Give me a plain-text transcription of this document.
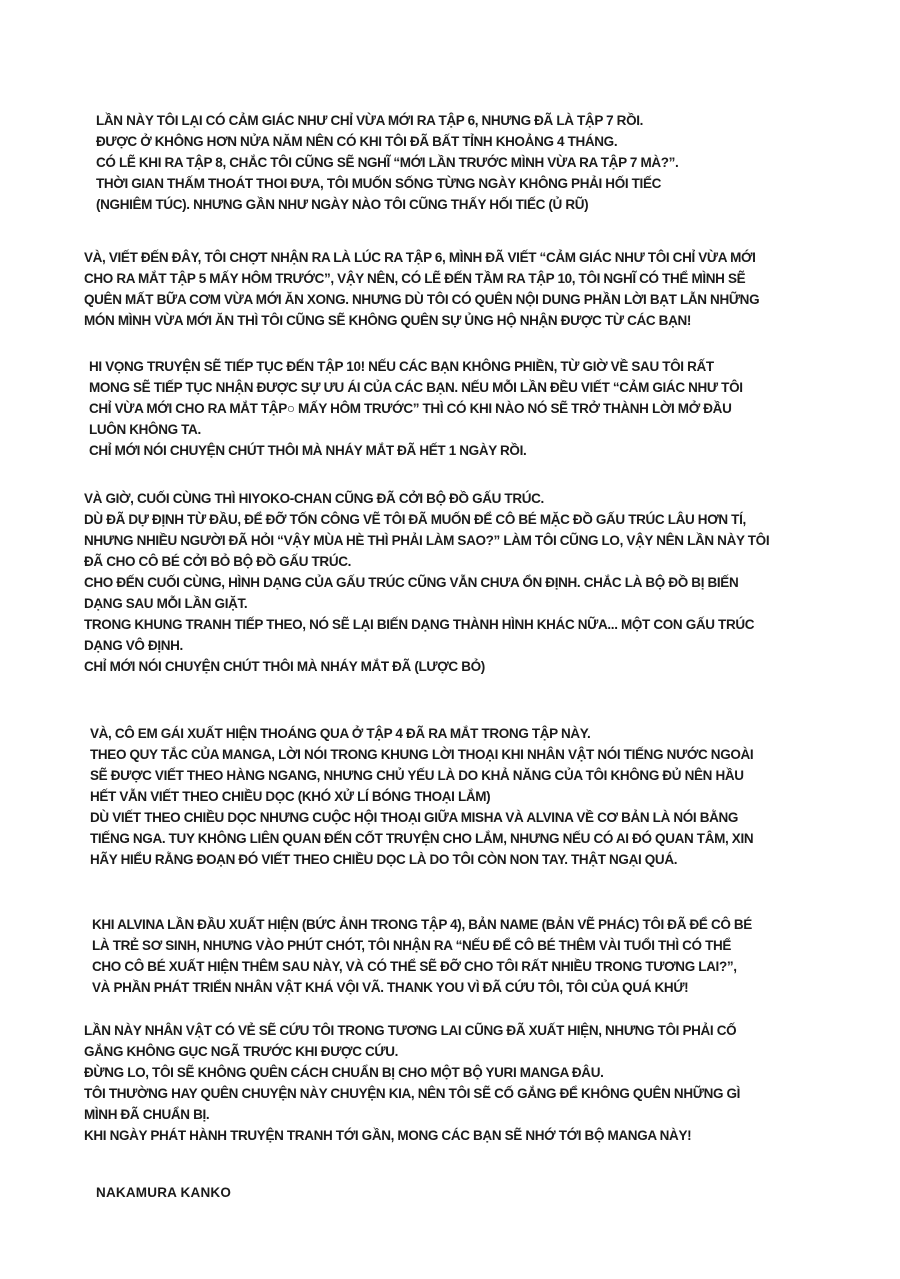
LẦN NÀY TÔI LẠI CÓ CẢM GIÁC NHƯ CHỈ VỪA MỚI RA TẬP 6, NHƯNG ĐÃ LÀ TẬP 7 RỒI.
ĐƯỢC Ở KHÔNG HƠN NỬA NĂM NÊN CÓ KHI TÔI ĐÃ BẤT TỈNH KHOẢNG 4 THÁNG.
CÓ LẼ KHI RA TẬP 8, CHẮC TÔI CŨNG SẼ NGHĨ “MỚI LẦN TRƯỚC MÌNH VỪA RA TẬP 7 MÀ?”.
THỜI GIAN THẤM THOÁT THOI ĐƯA, TÔI MUỐN SỐNG TỪNG NGÀY KHÔNG PHẢI HỐI TIẾC
(NGHIÊM TÚC). NHƯNG GẦN NHƯ NGÀY NÀO TÔI CŨNG THẤY HỐI TIẾC (Ủ RŨ)
VÀ, VIẾT ĐẾN ĐÂY, TÔI CHỢT NHẬN RA LÀ LÚC RA TẬP 6, MÌNH ĐÃ VIẾT “CẢM GIÁC NHƯ TÔI CHỈ VỪA MỚI
CHO RA MẮT TẬP 5 MẤY HÔM TRƯỚC”, VẬY NÊN, CÓ LẼ ĐẾN TẦM RA TẬP 10, TÔI NGHĨ CÓ THỂ MÌNH SẼ
QUÊN MẤT BỮA CƠM VỪA MỚI ĂN XONG. NHƯNG DÙ TÔI CÓ QUÊN NỘI DUNG PHẦN LỜI BẠT LẪN NHỮNG
MÓN MÌNH VỪA MỚI ĂN THÌ TÔI CŨNG SẼ KHÔNG QUÊN SỰ ỦNG HỘ NHẬN ĐƯỢC TỪ CÁC BẠN!
HI VỌNG TRUYỆN SẼ TIẾP TỤC ĐẾN TẬP 10! NẾU CÁC BẠN KHÔNG PHIỀN, TỪ GIỜ VỀ SAU TÔI RẤT
MONG SẼ TIẾP TỤC NHẬN ĐƯỢC SỰ ƯU ÁI CỦA CÁC BẠN. NẾU MỖI LẦN ĐỀU VIẾT “CẢM GIÁC NHƯ TÔI
CHỈ VỪA MỚI CHO RA MẮT TẬP○ MẤY HÔM TRƯỚC” THÌ CÓ KHI NÀO NÓ SẼ TRỞ THÀNH LỜI MỞ ĐẦU
LUÔN KHÔNG TA.
CHỈ MỚI NÓI CHUYỆN CHÚT THÔI MÀ NHÁY MẮT ĐÃ HẾT 1 NGÀY RỒI.
VÀ GIỜ, CUỐI CÙNG THÌ HIYOKO-CHAN CŨNG ĐÃ CỞI BỘ ĐỒ GẤU TRÚC.
DÙ ĐÃ DỰ ĐỊNH TỪ ĐẦU, ĐỂ ĐỠ TỐN CÔNG VẼ TÔI ĐÃ MUỐN ĐỂ CÔ BÉ MẶC ĐỒ GẤU TRÚC LÂU HƠN TÍ,
NHƯNG NHIỀU NGƯỜI ĐÃ HỎI “VẬY MÙA HÈ THÌ PHẢI LÀM SAO?” LÀM TÔI CŨNG LO, VẬY NÊN LẦN NÀY TÔI
ĐÃ CHO CÔ BÉ CỞI BỎ BỘ ĐỒ GẤU TRÚC.
CHO ĐẾN CUỐI CÙNG, HÌNH DẠNG CỦA GẤU TRÚC CŨNG VẪN CHƯA ỔN ĐỊNH. CHẮC LÀ BỘ ĐỒ BỊ BIẾN
DẠNG SAU MỖI LẦN GIẶT.
TRONG KHUNG TRANH TIẾP THEO, NÓ SẼ LẠI BIẾN DẠNG THÀNH HÌNH KHÁC NỮA... MỘT CON GẤU TRÚC
DẠNG VÔ ĐỊNH.
CHỈ MỚI NÓI CHUYỆN CHÚT THÔI MÀ NHÁY MẮT ĐÃ (LƯỢC BỎ)
VÀ, CÔ EM GÁI XUẤT HIỆN THOÁNG QUA Ở TẬP 4 ĐÃ RA MẮT TRONG TẬP NÀY.
THEO QUY TẮC CỦA MANGA, LỜI NÓI TRONG KHUNG LỜI THOẠI KHI NHÂN VẬT NÓI TIẾNG NƯỚC NGOÀI
SẼ ĐƯỢC VIẾT THEO HÀNG NGANG, NHƯNG CHỦ YẾU LÀ DO KHẢ NĂNG CỦA TÔI KHÔNG ĐỦ NÊN HẦU
HẾT VẪN VIẾT THEO CHIỀU DỌC (KHÓ XỬ LÍ BÓNG THOẠI LẮM)
DÙ VIẾT THEO CHIỀU DỌC NHƯNG CUỘC HỘI THOẠI GIỮA MISHA VÀ ALVINA VỀ CƠ BẢN LÀ NÓI BẰNG
TIẾNG NGA. TUY KHÔNG LIÊN QUAN ĐẾN CỐT TRUYỆN CHO LẮM, NHƯNG NẾU CÓ AI ĐÓ QUAN TÂM, XIN
HÃY HIỂU RẰNG ĐOẠN ĐÓ VIẾT THEO CHIỀU DỌC LÀ DO TÔI CÒN NON TAY. THẬT NGẠI QUÁ.
KHI ALVINA LẦN ĐẦU XUẤT HIỆN (BỨC ẢNH TRONG TẬP 4), BẢN NAME (BẢN VẼ PHÁC) TÔI ĐÃ ĐỂ CÔ BÉ
LÀ TRẺ SƠ SINH, NHƯNG VÀO PHÚT CHÓT, TÔI NHẬN RA “NẾU ĐỂ CÔ BÉ THÊM VÀI TUỔI THÌ CÓ THỂ
CHO CÔ BÉ XUẤT HIỆN THÊM SAU NÀY, VÀ CÓ THỂ SẼ ĐỠ CHO TÔI RẤT NHIỀU TRONG TƯƠNG LAI?”,
VÀ PHẦN PHÁT TRIỂN NHÂN VẬT KHÁ VỘI VÃ. THANK YOU VÌ ĐÃ CỨU TÔI, TÔI CỦA QUÁ KHỨ!
LẦN NÀY NHÂN VẬT CÓ VẺ SẼ CỨU TÔI TRONG TƯƠNG LAI CŨNG ĐÃ XUẤT HIỆN, NHƯNG TÔI PHẢI CỐ
GẮNG KHÔNG GỤC NGÃ TRƯỚC KHI ĐƯỢC CỨU.
ĐỪNG LO, TÔI SẼ KHÔNG QUÊN CÁCH CHUẨN BỊ CHO MỘT BỘ YURI MANGA ĐÂU.
TÔI THƯỜNG HAY QUÊN CHUYỆN NÀY CHUYỆN KIA, NÊN TÔI SẼ CỐ GẮNG ĐỂ KHÔNG QUÊN NHỮNG GÌ
MÌNH ĐÃ CHUẨN BỊ.
KHI NGÀY PHÁT HÀNH TRUYỆN TRANH TỚI GẦN, MONG CÁC BẠN SẼ NHỚ TỚI BỘ MANGA NÀY!
NAKAMURA KANKO
